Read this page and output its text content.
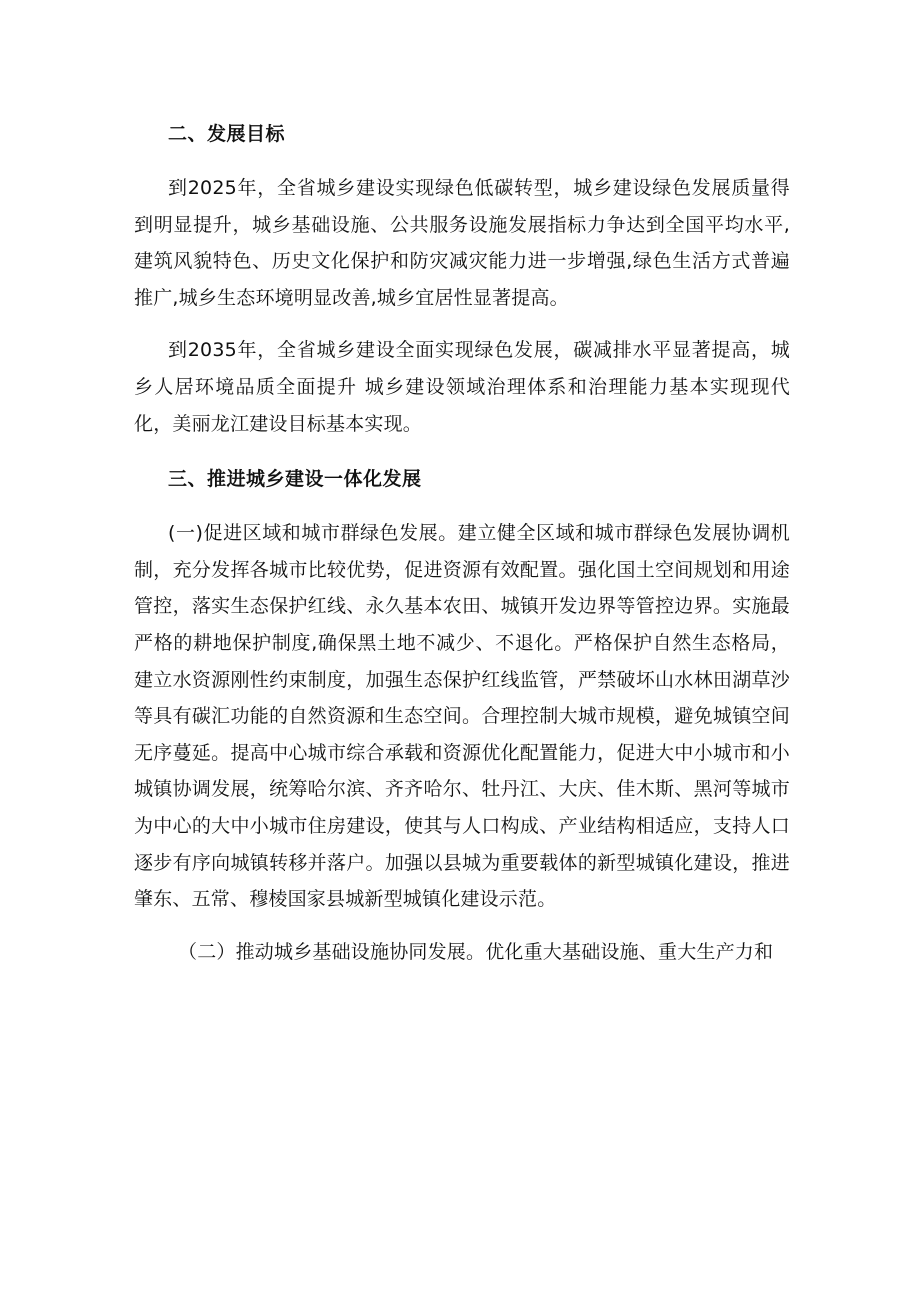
二、发展目标

到2025年，全省城乡建设实现绿色低碳转型，城乡建设绿色发展质量得到明显提升，城乡基础设施、公共服务设施发展指标力争达到全国平均水平,建筑风貌特色、历史文化保护和防灾减灾能力进一步增强,绿色生活方式普遍推广,城乡生态环境明显改善,城乡宜居性显著提高。

到2035年，全省城乡建设全面实现绿色发展，碳减排水平显著提高，城乡人居环境品质全面提升 城乡建设领域治理体系和治理能力基本实现现代化，美丽龙江建设目标基本实现。

三、推进城乡建设一体化发展

(一)促进区域和城市群绿色发展。建立健全区域和城市群绿色发展协调机制，充分发挥各城市比较优势，促进资源有效配置。强化国土空间规划和用途管控，落实生态保护红线、永久基本农田、城镇开发边界等管控边界。实施最严格的耕地保护制度,确保黑土地不减少、不退化。严格保护自然生态格局，建立水资源刚性约束制度，加强生态保护红线监管，严禁破坏山水林田湖草沙等具有碳汇功能的自然资源和生态空间。合理控制大城市规模，避免城镇空间无序蔓延。提高中心城市综合承载和资源优化配置能力，促进大中小城市和小城镇协调发展，统筹哈尔滨、齐齐哈尔、牡丹江、大庆、佳木斯、黑河等城市为中心的大中小城市住房建设，使其与人口构成、产业结构相适应，支持人口逐步有序向城镇转移并落户。加强以县城为重要载体的新型城镇化建设，推进肇东、五常、穆棱国家县城新型城镇化建设示范。

（二）推动城乡基础设施协同发展。优化重大基础设施、重大生产力和
